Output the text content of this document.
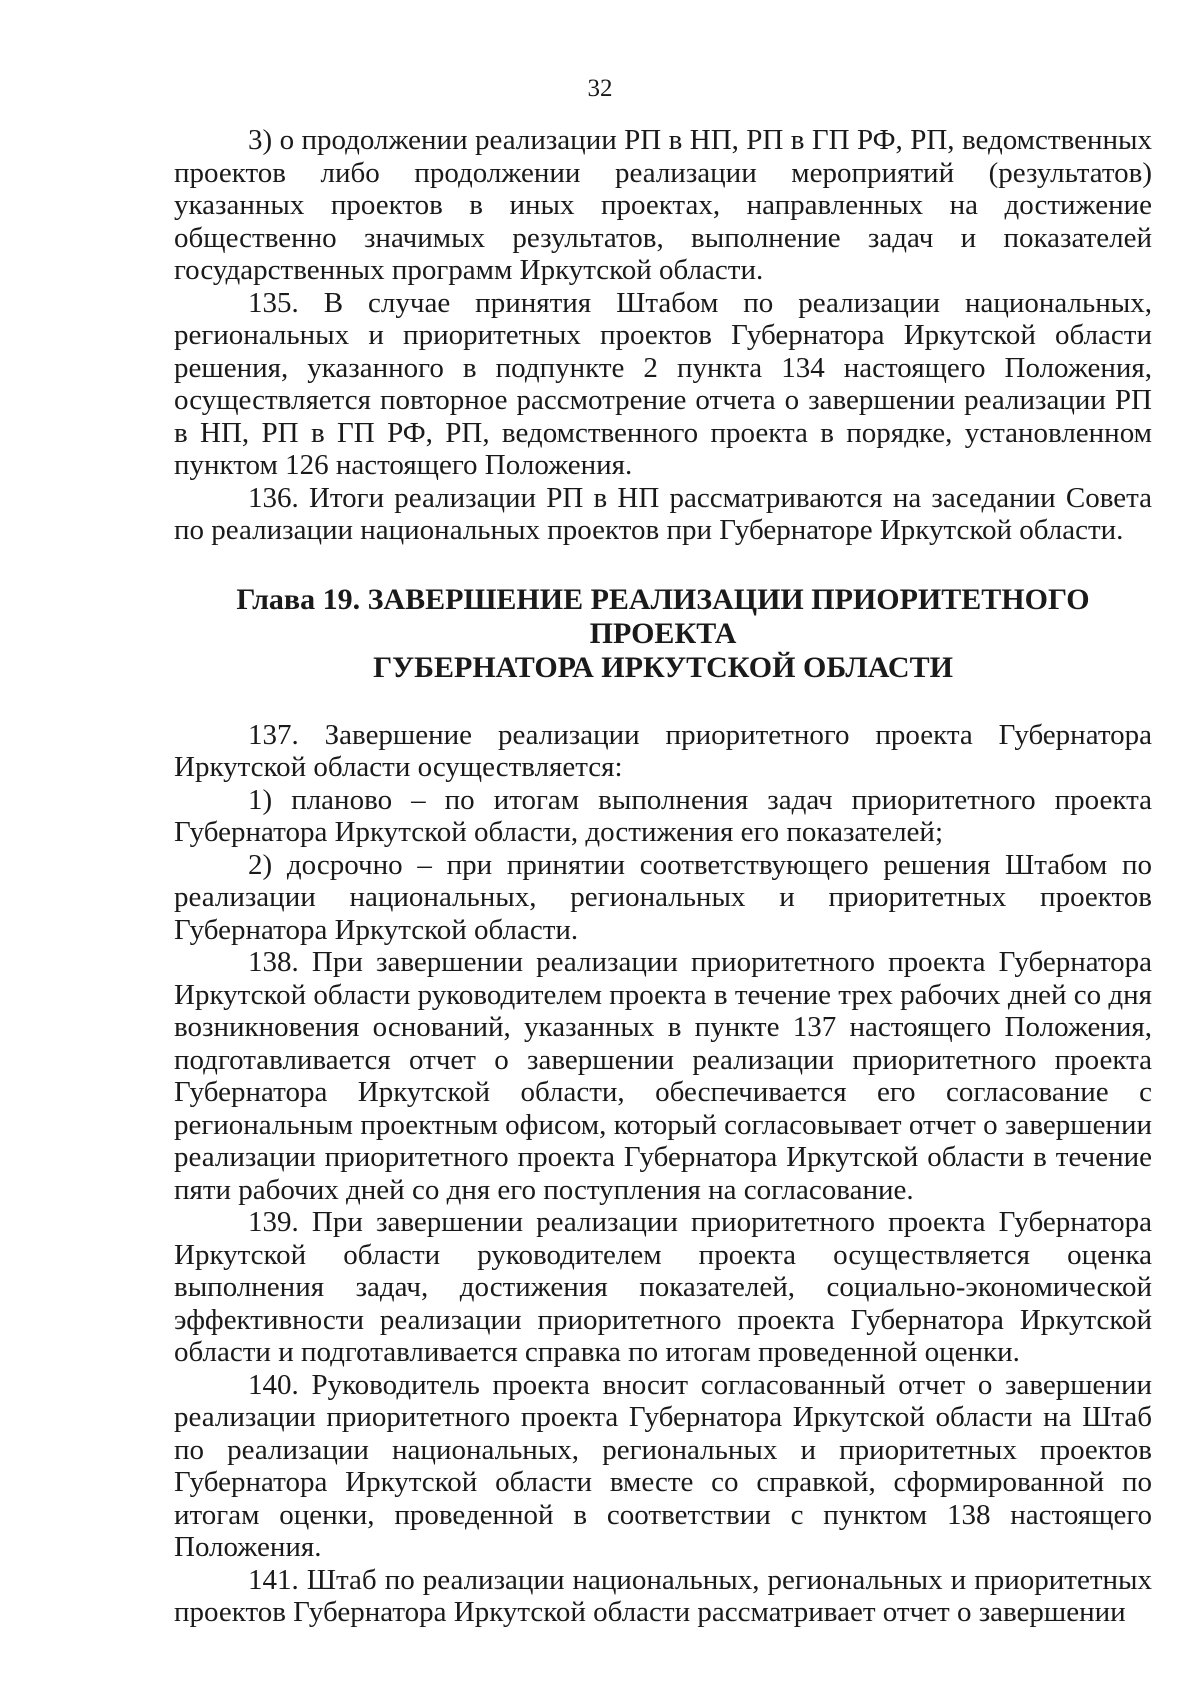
32

3) о продолжении реализации РП в НП, РП в ГП РФ, РП, ведомственных проектов либо продолжении реализации мероприятий (результатов) указанных проектов в иных проектах, направленных на достижение общественно значимых результатов, выполнение задач и показателей государственных программ Иркутской области.

135. В случае принятия Штабом по реализации национальных, региональных и приоритетных проектов Губернатора Иркутской области решения, указанного в подпункте 2 пункта 134 настоящего Положения, осуществляется повторное рассмотрение отчета о завершении реализации РП в НП, РП в ГП РФ, РП, ведомственного проекта в порядке, установленном пунктом 126 настоящего Положения.

136. Итоги реализации РП в НП рассматриваются на заседании Совета по реализации национальных проектов при Губернаторе Иркутской области.

Глава 19. ЗАВЕРШЕНИЕ РЕАЛИЗАЦИИ ПРИОРИТЕТНОГО ПРОЕКТА
ГУБЕРНАТОРА ИРКУТСКОЙ ОБЛАСТИ

137. Завершение реализации приоритетного проекта Губернатора Иркутской области осуществляется:

1) планово – по итогам выполнения задач приоритетного проекта Губернатора Иркутской области, достижения его показателей;

2) досрочно – при принятии соответствующего решения Штабом по реализации национальных, региональных и приоритетных проектов Губернатора Иркутской области.

138. При завершении реализации приоритетного проекта Губернатора Иркутской области руководителем проекта в течение трех рабочих дней со дня возникновения оснований, указанных в пункте 137 настоящего Положения, подготавливается отчет о завершении реализации приоритетного проекта Губернатора Иркутской области, обеспечивается его согласование с региональным проектным офисом, который согласовывает отчет о завершении реализации приоритетного проекта Губернатора Иркутской области в течение пяти рабочих дней со дня его поступления на согласование.

139. При завершении реализации приоритетного проекта Губернатора Иркутской области руководителем проекта осуществляется оценка выполнения задач, достижения показателей, социально-экономической эффективности реализации приоритетного проекта Губернатора Иркутской области и подготавливается справка по итогам проведенной оценки.

140. Руководитель проекта вносит согласованный отчет о завершении реализации приоритетного проекта Губернатора Иркутской области на Штаб по реализации национальных, региональных и приоритетных проектов Губернатора Иркутской области вместе со справкой, сформированной по итогам оценки, проведенной в соответствии с пунктом 138 настоящего Положения.

141. Штаб по реализации национальных, региональных и приоритетных проектов Губернатора Иркутской области рассматривает отчет о завершении
